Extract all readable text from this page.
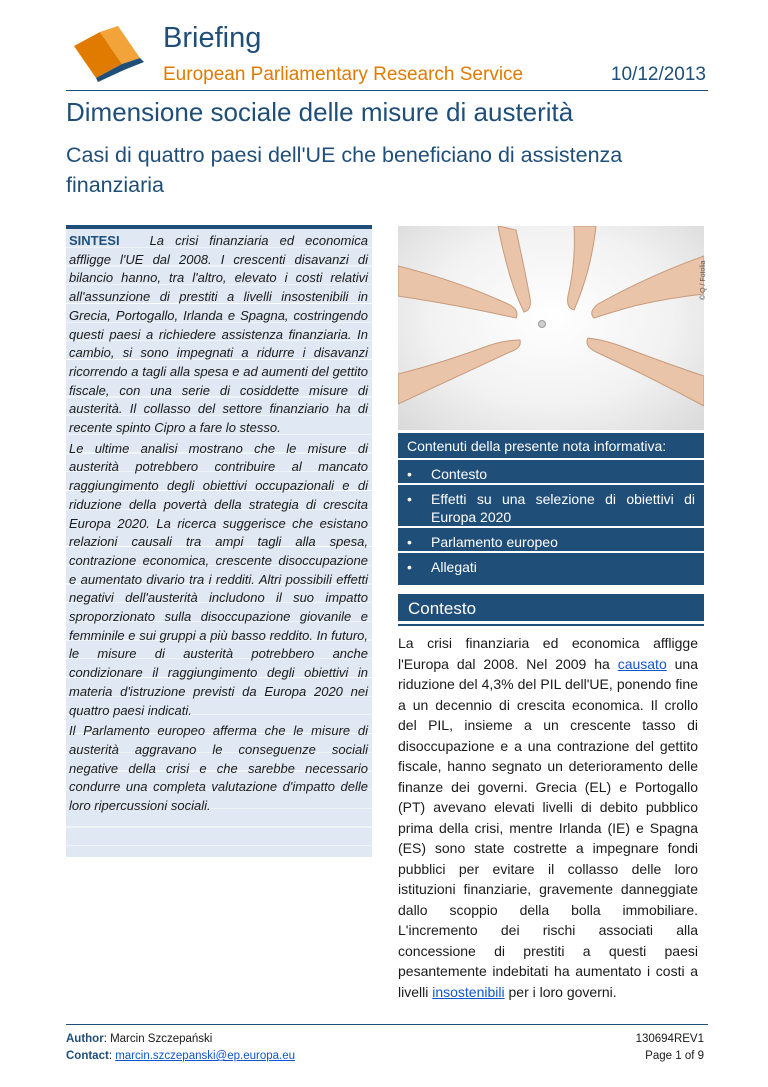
Briefing
European Parliamentary Research Service	10/12/2013
Dimensione sociale delle misure di austerità
Casi di quattro paesi dell'UE che beneficiano di assistenza finanziaria

SINTESI La crisi finanziaria ed economica affligge l'UE dal 2008. I crescenti disavanzi di bilancio hanno, tra l'altro, elevato i costi relativi all'assunzione di prestiti a livelli insostenibili in Grecia, Portogallo, Irlanda e Spagna, costringendo questi paesi a richiedere assistenza finanziaria. In cambio, si sono impegnati a ridurre i disavanzi ricorrendo a tagli alla spesa e ad aumenti del gettito fiscale, con una serie di cosiddette misure di austerità. Il collasso del settore finanziario ha di recente spinto Cipro a fare lo stesso.

Le ultime analisi mostrano che le misure di austerità potrebbero contribuire al mancato raggiungimento degli obiettivi occupazionali e di riduzione della povertà della strategia di crescita Europa 2020. La ricerca suggerisce che esistano relazioni causali tra ampi tagli alla spesa, contrazione economica, crescente disoccupazione e aumentato divario tra i redditi. Altri possibili effetti negativi dell'austerità includono il suo impatto sproporzionato sulla disoccupazione giovanile e femminile e sui gruppi a più basso reddito. In futuro, le misure di austerità potrebbero anche condizionare il raggiungimento degli obiettivi in materia d'istruzione previsti da Europa 2020 nei quattro paesi indicati.

Il Parlamento europeo afferma che le misure di austerità aggravano le conseguenze sociali negative della crisi e che sarebbe necessario condurre una completa valutazione d'impatto delle loro ripercussioni sociali.

© Q / Fotolia
Contenuti della presente nota informativa:
•	Contesto
•	Effetti su una selezione di obiettivi di Europa 2020
•	Parlamento europeo
•	Allegati
Contesto
La crisi finanziaria ed economica affligge l'Europa dal 2008. Nel 2009 ha causato una riduzione del 4,3% del PIL dell'UE, ponendo fine a un decennio di crescita economica. Il crollo del PIL, insieme a un crescente tasso di disoccupazione e a una contrazione del gettito fiscale, hanno segnato un deterioramento delle finanze dei governi. Grecia (EL) e Portogallo (PT) avevano elevati livelli di debito pubblico prima della crisi, mentre Irlanda (IE) e Spagna (ES) sono state costrette a impegnare fondi pubblici per evitare il collasso delle loro istituzioni finanziarie, gravemente danneggiate dallo scoppio della bolla immobiliare. L'incremento dei rischi associati alla concessione di prestiti a questi paesi pesantemente indebitati ha aumentato i costi a livelli insostenibili per i loro governi.
Author: Marcin Szczepański	130694REV1
Contact: marcin.szczepanski@ep.europa.eu	Page 1 of 9
